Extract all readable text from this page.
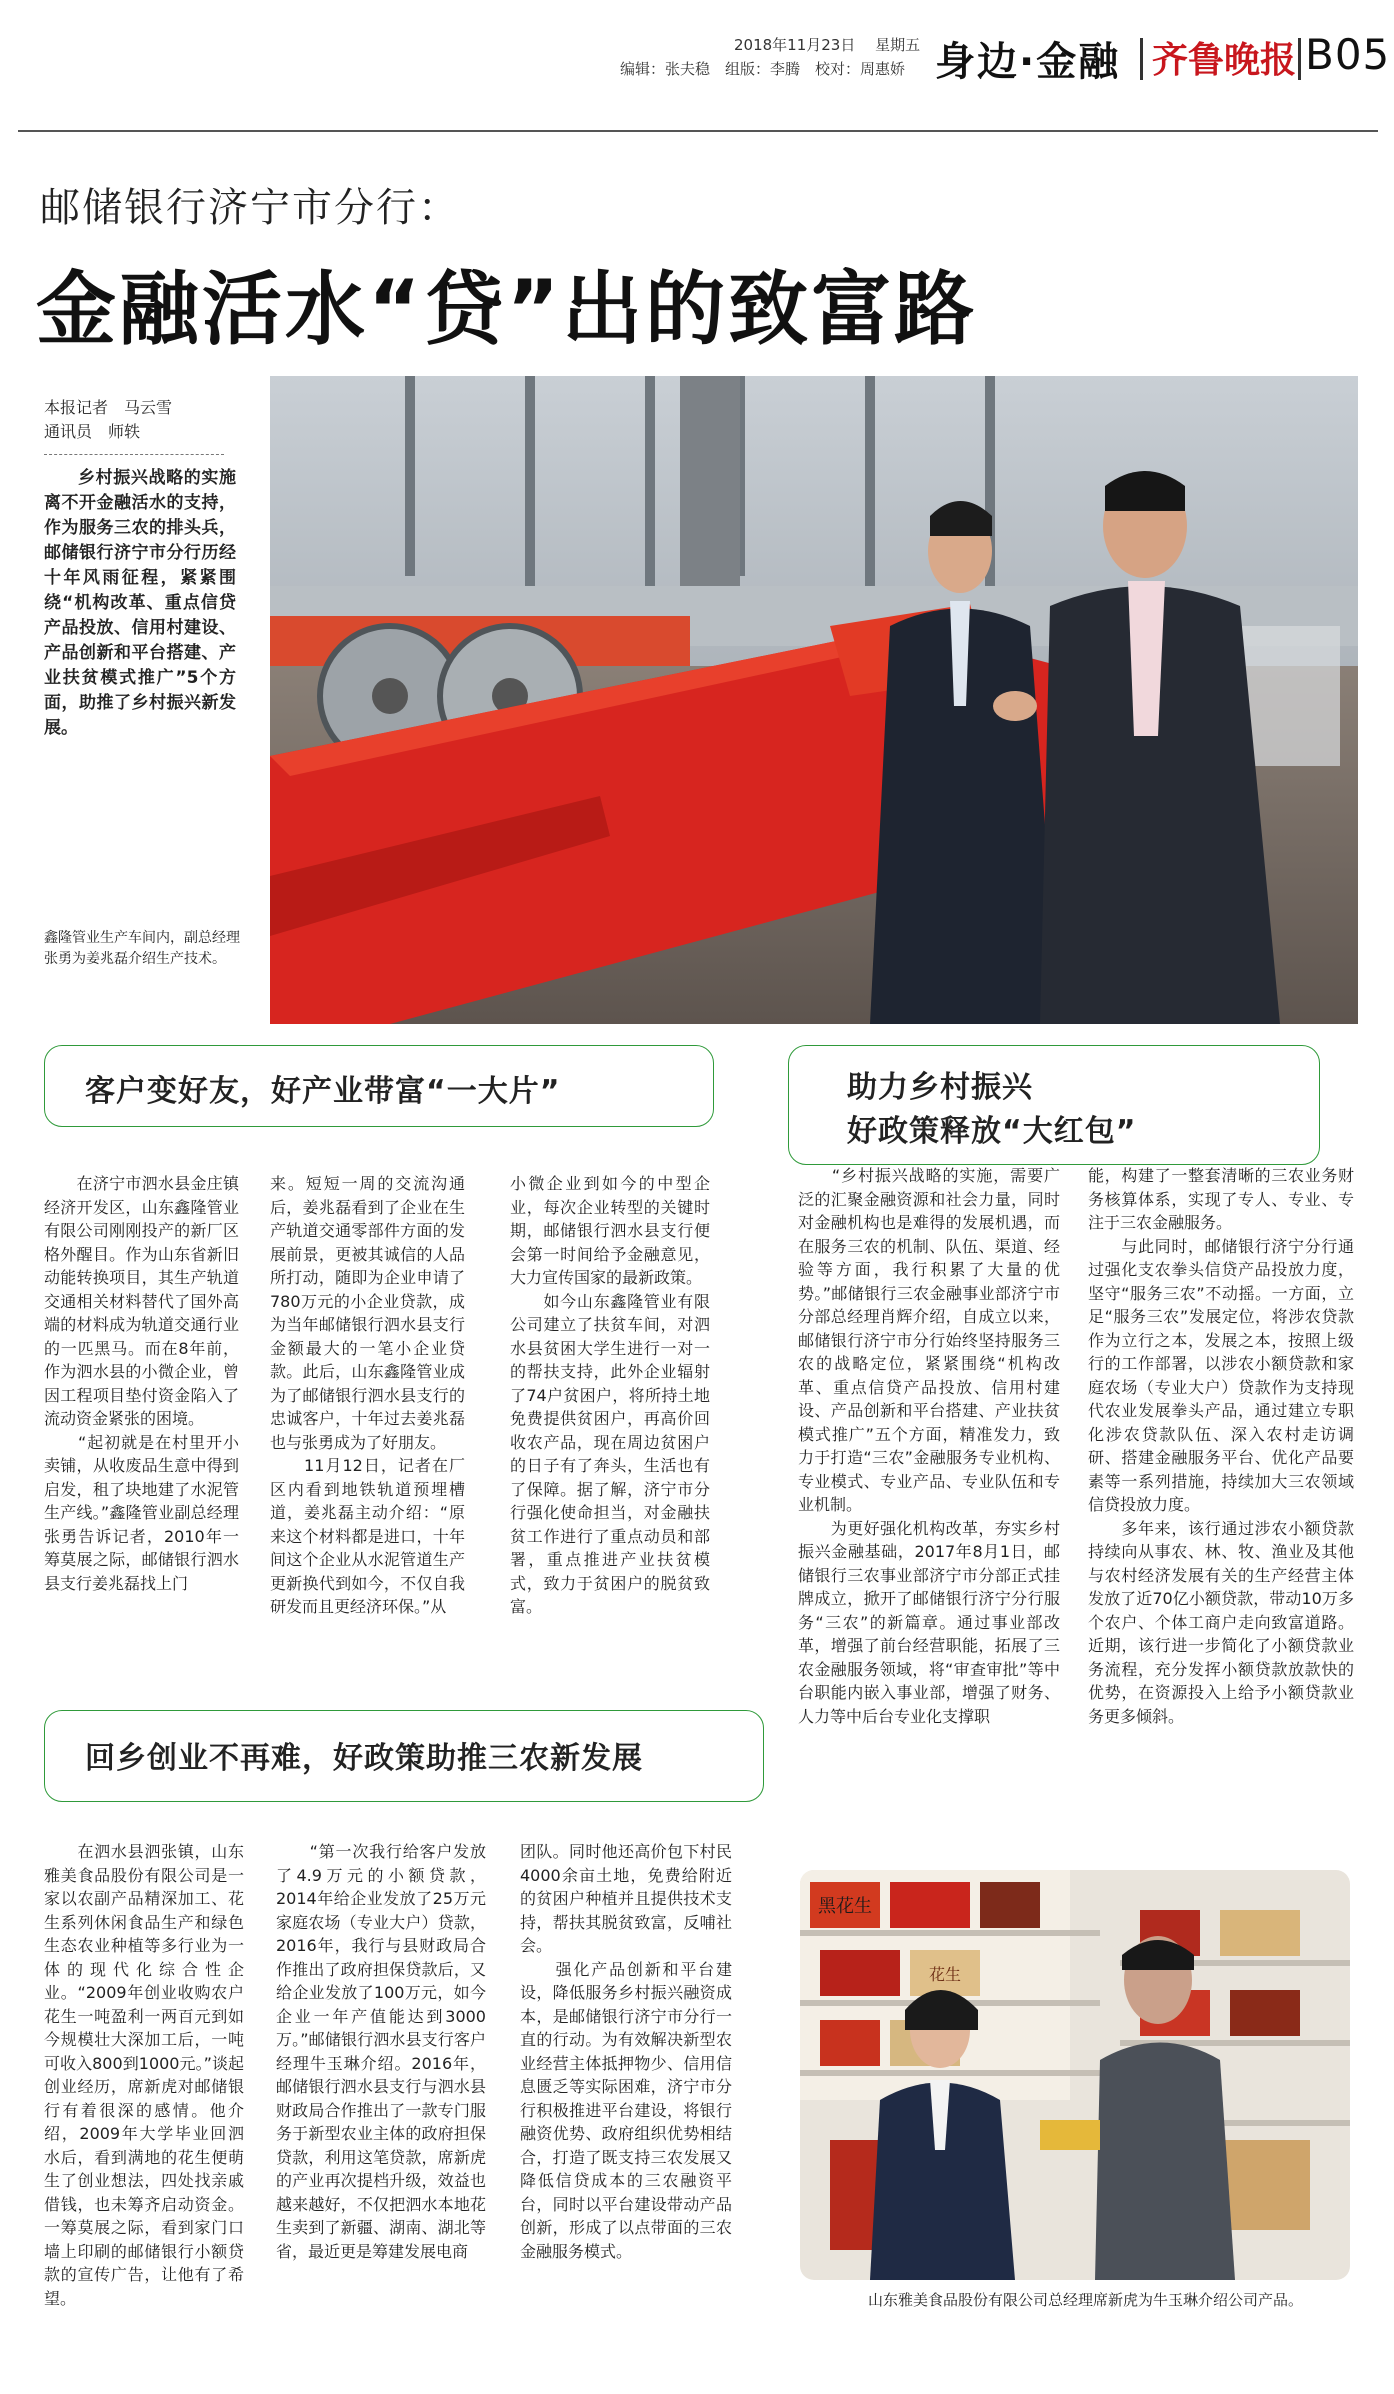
2018年11月23日　 星期五
编辑：张夫稳　组版：李腾　校对：周惠娇 身边·金融 齐鲁晚报 B05
邮储银行济宁市分行：
金融活水“贷”出的致富路
本报记者　马云雪
通讯员　师轶
乡村振兴战略的实施离不开金融活水的支持，作为服务三农的排头兵，邮储银行济宁市分行历经十年风雨征程，紧紧围绕“机构改革、重点信贷产品投放、信用村建设、产品创新和平台搭建、产业扶贫模式推广”5个方面，助推了乡村振兴新发展。
鑫隆管业生产车间内，副总经理张勇为姜兆磊介绍生产技术。
客户变好友，好产业带富“一大片”
　　在济宁市泗水县金庄镇经济开发区，山东鑫隆管业有限公司刚刚投产的新厂区格外醒目。作为山东省新旧动能转换项目，其生产轨道交通相关材料替代了国外高端的材料成为轨道交通行业的一匹黑马。而在8年前，作为泗水县的小微企业，曾因工程项目垫付资金陷入了流动资金紧张的困境。
　　“起初就是在村里开小卖铺，从收废品生意中得到启发，租了块地建了水泥管生产线。”鑫隆管业副总经理张勇告诉记者，2010年一筹莫展之际，邮储银行泗水县支行姜兆磊找上门
来。短短一周的交流沟通后，姜兆磊看到了企业在生产轨道交通零部件方面的发展前景，更被其诚信的人品所打动，随即为企业申请了780万元的小企业贷款，成为当年邮储银行泗水县支行金额最大的一笔小企业贷款。此后，山东鑫隆管业成为了邮储银行泗水县支行的忠诚客户，十年过去姜兆磊也与张勇成为了好朋友。
　　11月12日，记者在厂区内看到地铁轨道预埋槽道，姜兆磊主动介绍：“原来这个材料都是进口，十年间这个企业从水泥管道生产更新换代到如今，不仅自我研发而且更经济环保。”从
小微企业到如今的中型企业，每次企业转型的关键时期，邮储银行泗水县支行便会第一时间给予金融意见，大力宣传国家的最新政策。
　　如今山东鑫隆管业有限公司建立了扶贫车间，对泗水县贫困大学生进行一对一的帮扶支持，此外企业辐射了74户贫困户，将所持土地免费提供贫困户，再高价回收农产品，现在周边贫困户的日子有了奔头，生活也有了保障。据了解，济宁市分行强化使命担当，对金融扶贫工作进行了重点动员和部署，重点推进产业扶贫模式，致力于贫困户的脱贫致富。
助力乡村振兴
好政策释放“大红包”
　　“乡村振兴战略的实施，需要广泛的汇聚金融资源和社会力量，同时对金融机构也是难得的发展机遇，而在服务三农的机制、队伍、渠道、经验等方面，我行积累了大量的优势。”邮储银行三农金融事业部济宁市分部总经理肖辉介绍，自成立以来，邮储银行济宁市分行始终坚持服务三农的战略定位，紧紧围绕“机构改革、重点信贷产品投放、信用村建设、产品创新和平台搭建、产业扶贫模式推广”五个方面，精准发力，致力于打造“三农”金融服务专业机构、专业模式、专业产品、专业队伍和专业机制。
　　为更好强化机构改革，夯实乡村振兴金融基础，2017年8月1日，邮储银行三农事业部济宁市分部正式挂牌成立，掀开了邮储银行济宁分行服务“三农”的新篇章。通过事业部改革，增强了前台经营职能，拓展了三农金融服务领域，将“审查审批”等中台职能内嵌入事业部，增强了财务、人力等中后台专业化支撑职
能，构建了一整套清晰的三农业务财务核算体系，实现了专人、专业、专注于三农金融服务。
　　与此同时，邮储银行济宁分行通过强化支农拳头信贷产品投放力度，坚守“服务三农”不动摇。一方面，立足“服务三农”发展定位，将涉农贷款作为立行之本，发展之本，按照上级行的工作部署，以涉农小额贷款和家庭农场（专业大户）贷款作为支持现代农业发展拳头产品，通过建立专职化涉农贷款队伍、深入农村走访调研、搭建金融服务平台、优化产品要素等一系列措施，持续加大三农领域信贷投放力度。
　　多年来，该行通过涉农小额贷款持续向从事农、林、牧、渔业及其他与农村经济发展有关的生产经营主体发放了近70亿小额贷款，带动10万多个农户、个体工商户走向致富道路。近期，该行进一步简化了小额贷款业务流程，充分发挥小额贷款放款快的优势，在资源投入上给予小额贷款业务更多倾斜。
回乡创业不再难，好政策助推三农新发展
　　在泗水县泗张镇，山东雅美食品股份有限公司是一家以农副产品精深加工、花生系列休闲食品生产和绿色生态农业种植等多行业为一体的现代化综合性企业。“2009年创业收购农户花生一吨盈利一两百元到如今规模壮大深加工后，一吨可收入800到1000元。”谈起创业经历，席新虎对邮储银行有着很深的感情。他介绍，2009年大学毕业回泗水后，看到满地的花生便萌生了创业想法，四处找亲戚借钱，也未筹齐启动资金。一筹莫展之际，看到家门口墙上印刷的邮储银行小额贷款的宣传广告，让他有了希望。
　　“第一次我行给客户发放了4.9万元的小额贷款，2014年给企业发放了25万元家庭农场（专业大户）贷款，2016年，我行与县财政局合作推出了政府担保贷款后，又给企业发放了100万元，如今企业一年产值能达到3000万。”邮储银行泗水县支行客户经理牛玉琳介绍。2016年，邮储银行泗水县支行与泗水县财政局合作推出了一款专门服务于新型农业主体的政府担保贷款，利用这笔贷款，席新虎的产业再次提档升级，效益也越来越好，不仅把泗水本地花生卖到了新疆、湖南、湖北等省，最近更是筹建发展电商
团队。同时他还高价包下村民4000余亩土地，免费给附近的贫困户种植并且提供技术支持，帮扶其脱贫致富，反哺社会。
　　强化产品创新和平台建设，降低服务乡村振兴融资成本，是邮储银行济宁市分行一直的行动。为有效解决新型农业经营主体抵押物少、信用信息匮乏等实际困难，济宁市分行积极推进平台建设，将银行融资优势、政府组织优势相结合，打造了既支持三农发展又降低信贷成本的三农融资平台，同时以平台建设带动产品创新，形成了以点带面的三农金融服务模式。
黑花生
花生
山东雅美食品股份有限公司总经理席新虎为牛玉琳介绍公司产品。
